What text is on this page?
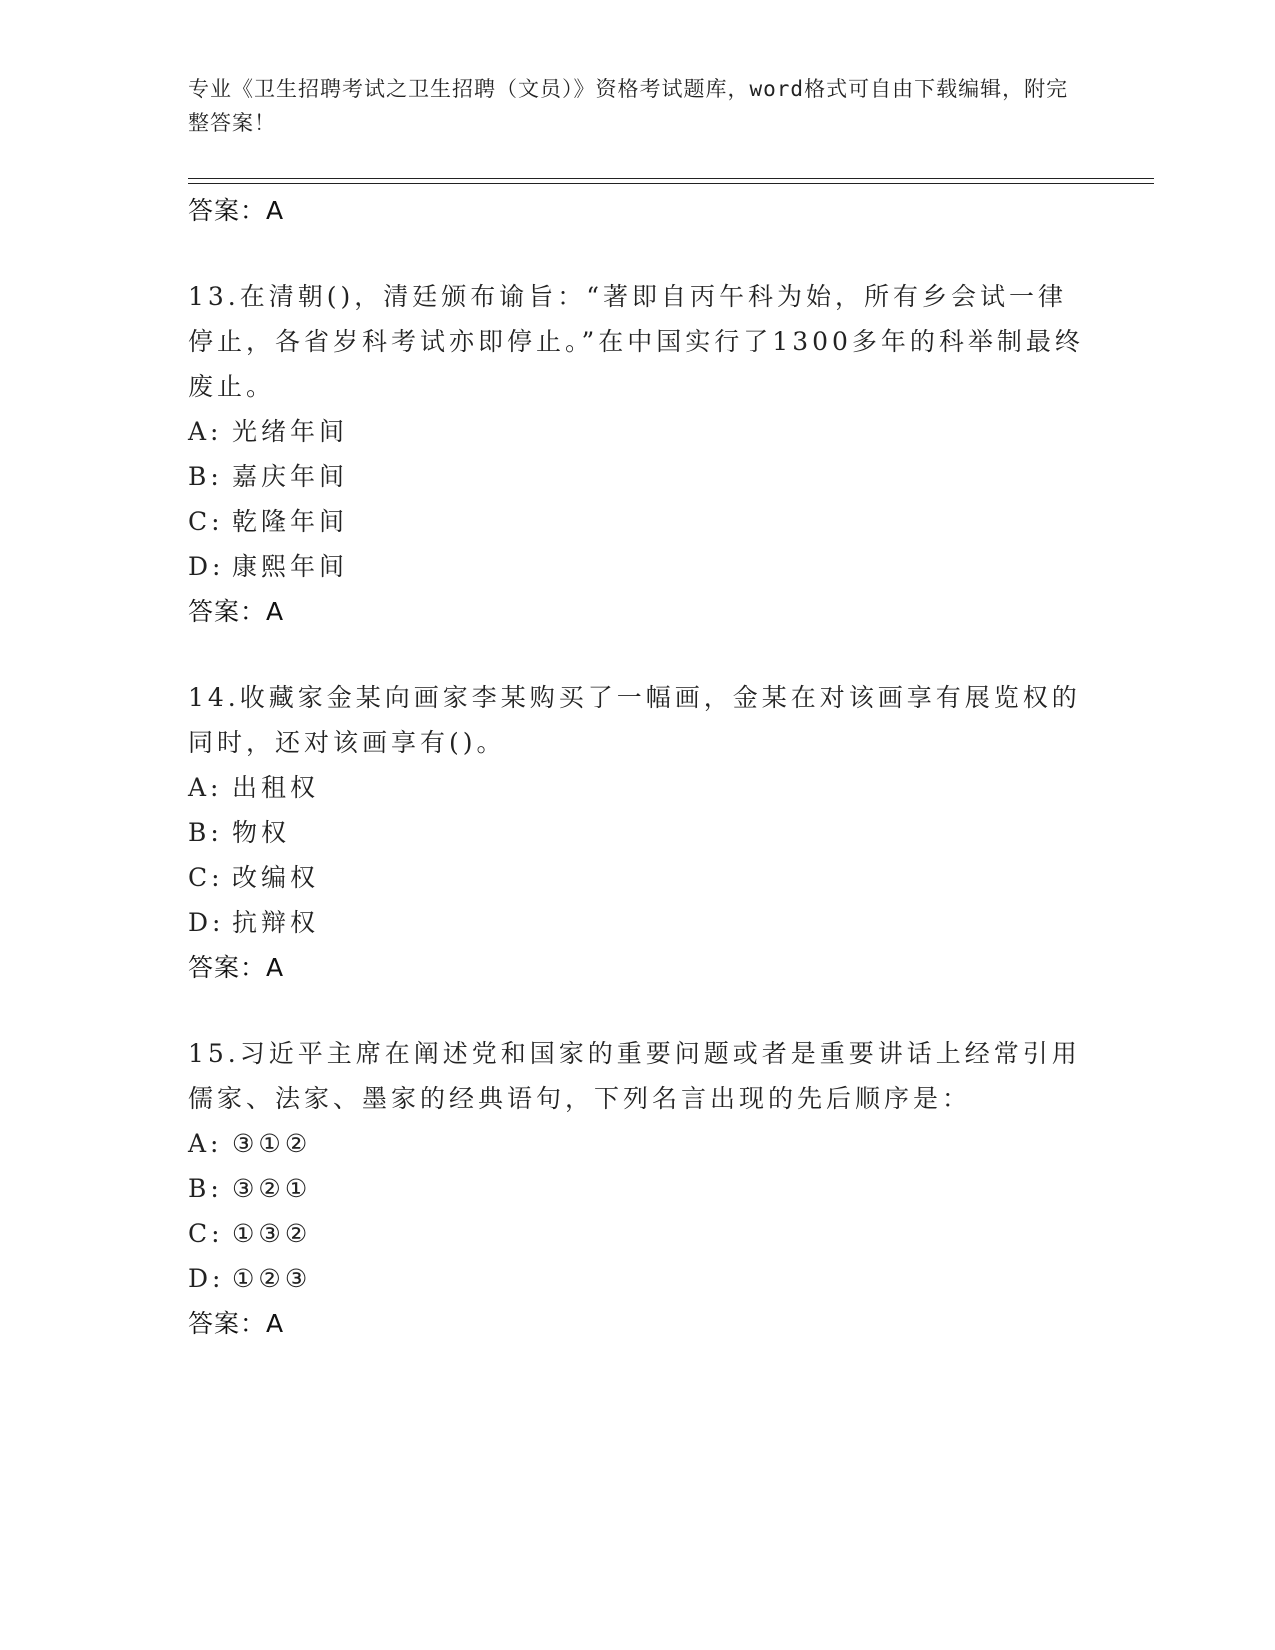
专业《卫生招聘考试之卫生招聘（文员）》资格考试题库，word格式可自由下载编辑，附完整答案！
答案：A
13.在清朝()，清廷颁布谕旨：“著即自丙午科为始，所有乡会试一律停止，各省岁科考试亦即停止。”在中国实行了1300多年的科举制最终废止。
A: 光绪年间
B: 嘉庆年间
C: 乾隆年间
D: 康熙年间
答案：A
14.收藏家金某向画家李某购买了一幅画，金某在对该画享有展览权的同时，还对该画享有()。
A: 出租权
B: 物权
C: 改编权
D: 抗辩权
答案：A
15.习近平主席在阐述党和国家的重要问题或者是重要讲话上经常引用儒家、法家、墨家的经典语句，下列名言出现的先后顺序是：
A: ③①②
B: ③②①
C: ①③②
D: ①②③
答案：A
